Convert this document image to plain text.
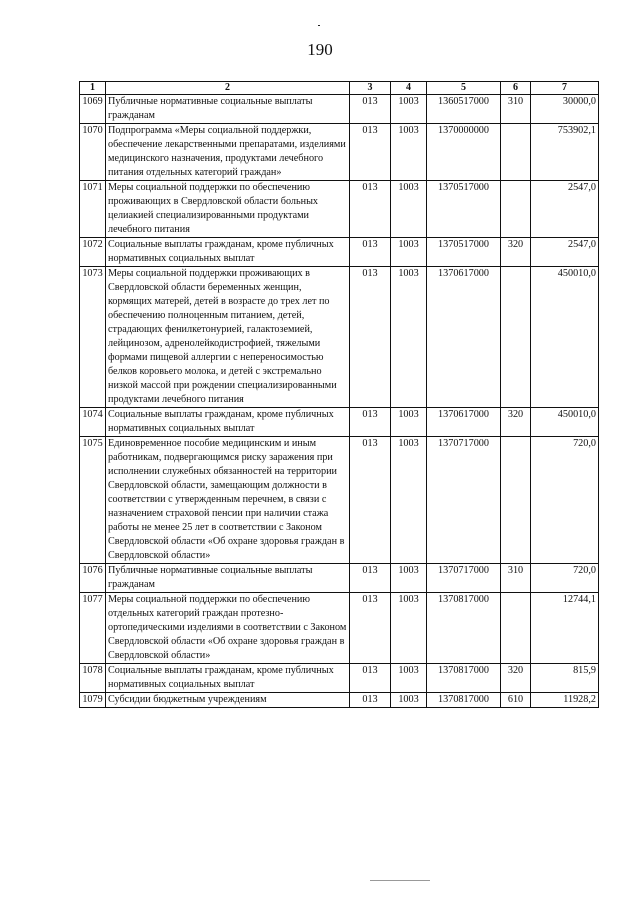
190
1	2	3	4	5	6	7
1069	Публичные нормативные социальные выплаты гражданам	013	1003	1360517000	310	30000,0
1070	Подпрограмма «Меры социальной поддержки, обеспечение лекарственными препаратами, изделиями медицинского назначения, продуктами лечебного питания отдельных категорий граждан»	013	1003	1370000000		753902,1
1071	Меры социальной поддержки по обеспечению проживающих в Свердловской области больных целиакией специализированными продуктами лечебного питания	013	1003	1370517000		2547,0
1072	Социальные выплаты гражданам, кроме публичных нормативных социальных выплат	013	1003	1370517000	320	2547,0
1073	Меры социальной поддержки проживающих в Свердловской области беременных женщин, кормящих матерей, детей в возрасте до трех лет по обеспечению полноценным питанием, детей, страдающих фенилкетонурией, галактоземией, лейцинозом, адренолейкодистрофией, тяжелыми формами пищевой аллергии с непереносимостью белков коровьего молока, и детей с экстремально низкой массой при рождении специализированными продуктами лечебного питания	013	1003	1370617000		450010,0
1074	Социальные выплаты гражданам, кроме публичных нормативных социальных выплат	013	1003	1370617000	320	450010,0
1075	Единовременное пособие медицинским и иным работникам, подвергающимся риску заражения при исполнении служебных обязанностей на территории Свердловской области, замещающим должности в соответствии с утвержденным перечнем, в связи с назначением страховой пенсии при наличии стажа работы не менее 25 лет в соответствии с Законом Свердловской области «Об охране здоровья граждан в Свердловской области»	013	1003	1370717000		720,0
1076	Публичные нормативные социальные выплаты гражданам	013	1003	1370717000	310	720,0
1077	Меры социальной поддержки по обеспечению отдельных категорий граждан протезно-ортопедическими изделиями в соответствии с Законом Свердловской области «Об охране здоровья граждан в Свердловской области»	013	1003	1370817000		12744,1
1078	Социальные выплаты гражданам, кроме публичных нормативных социальных выплат	013	1003	1370817000	320	815,9
1079	Субсидии бюджетным учреждениям	013	1003	1370817000	610	11928,2
